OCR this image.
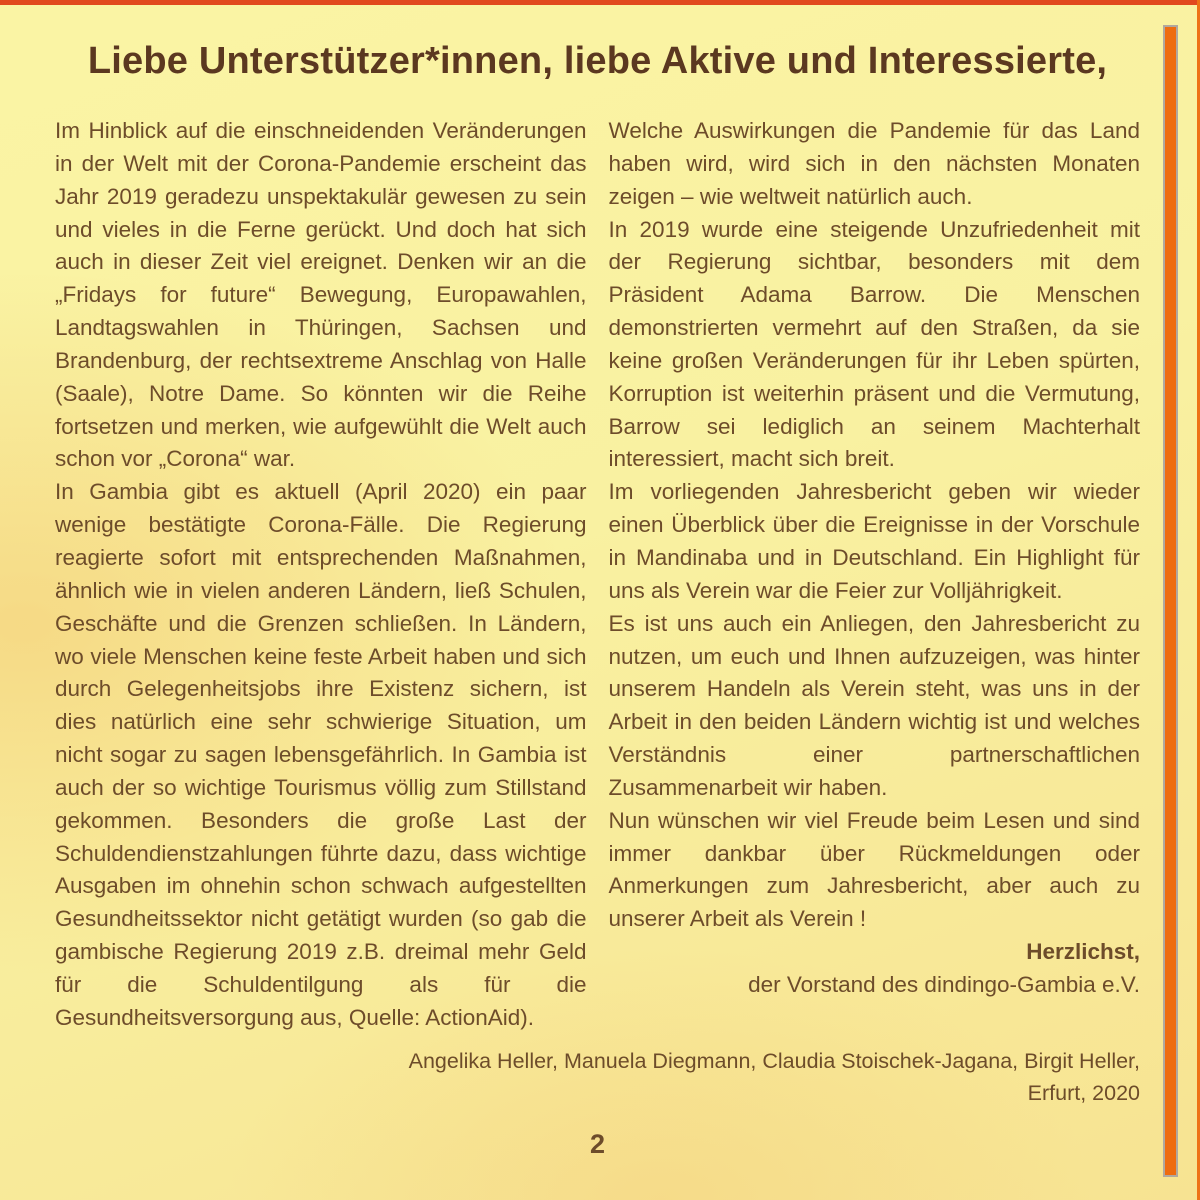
Liebe Unterstützer*innen, liebe Aktive und Interessierte,

Im Hinblick auf die einschneidenden Veränderungen in der Welt mit der Corona-Pandemie erscheint das Jahr 2019 geradezu unspektakulär gewesen zu sein und vieles in die Ferne gerückt. Und doch hat sich auch in dieser Zeit viel ereignet. Denken wir an die „Fridays for future“ Bewegung, Europawahlen, Landtagswahlen in Thüringen, Sachsen und Brandenburg, der rechtsextreme Anschlag von Halle (Saale), Notre Dame. So könnten wir die Reihe fortsetzen und merken, wie aufgewühlt die Welt auch schon vor „Corona“ war.

In Gambia gibt es aktuell (April 2020) ein paar wenige bestätigte Corona-Fälle. Die Regierung reagierte sofort mit entsprechenden Maßnahmen, ähnlich wie in vielen anderen Ländern, ließ Schulen, Geschäfte und die Grenzen schließen. In Ländern, wo viele Menschen keine feste Arbeit haben und sich durch Gelegenheitsjobs ihre Existenz sichern, ist dies natürlich eine sehr schwierige Situation, um nicht sogar zu sagen lebensgefährlich. In Gambia ist auch der so wichtige Tourismus völlig zum Stillstand gekommen. Besonders die große Last der Schuldendienstzahlungen führte dazu, dass wichtige Ausgaben im ohnehin schon schwach aufgestellten Gesundheitssektor nicht getätigt wurden (so gab die gambische Regierung 2019 z.B. dreimal mehr Geld für die Schuldentilgung als für die Gesundheitsversorgung aus, Quelle: ActionAid).

Welche Auswirkungen die Pandemie für das Land haben wird, wird sich in den nächsten Monaten zeigen – wie weltweit natürlich auch.

In 2019 wurde eine steigende Unzufriedenheit mit der Regierung sichtbar, besonders mit dem Präsident Adama Barrow. Die Menschen demonstrierten vermehrt auf den Straßen, da sie keine großen Veränderungen für ihr Leben spürten, Korruption ist weiterhin präsent und die Vermutung, Barrow sei lediglich an seinem Machterhalt interessiert, macht sich breit.

Im vorliegenden Jahresbericht geben wir wieder einen Überblick über die Ereignisse in der Vorschule in Mandinaba und in Deutschland. Ein Highlight für uns als Verein war die Feier zur Volljährigkeit.

Es ist uns auch ein Anliegen, den Jahresbericht zu nutzen, um euch und Ihnen aufzuzeigen, was hinter unserem Handeln als Verein steht, was uns in der Arbeit in den beiden Ländern wichtig ist und welches Verständnis einer partnerschaftlichen Zusammenarbeit wir haben.

Nun wünschen wir viel Freude beim Lesen und sind immer dankbar über Rückmeldungen oder Anmerkungen zum Jahresbericht, aber auch zu unserer Arbeit als Verein !

Herzlichst,

der Vorstand des dindingo-Gambia e.V.

Angelika Heller, Manuela Diegmann, Claudia Stoischek-Jagana, Birgit Heller,
Erfurt, 2020
2
